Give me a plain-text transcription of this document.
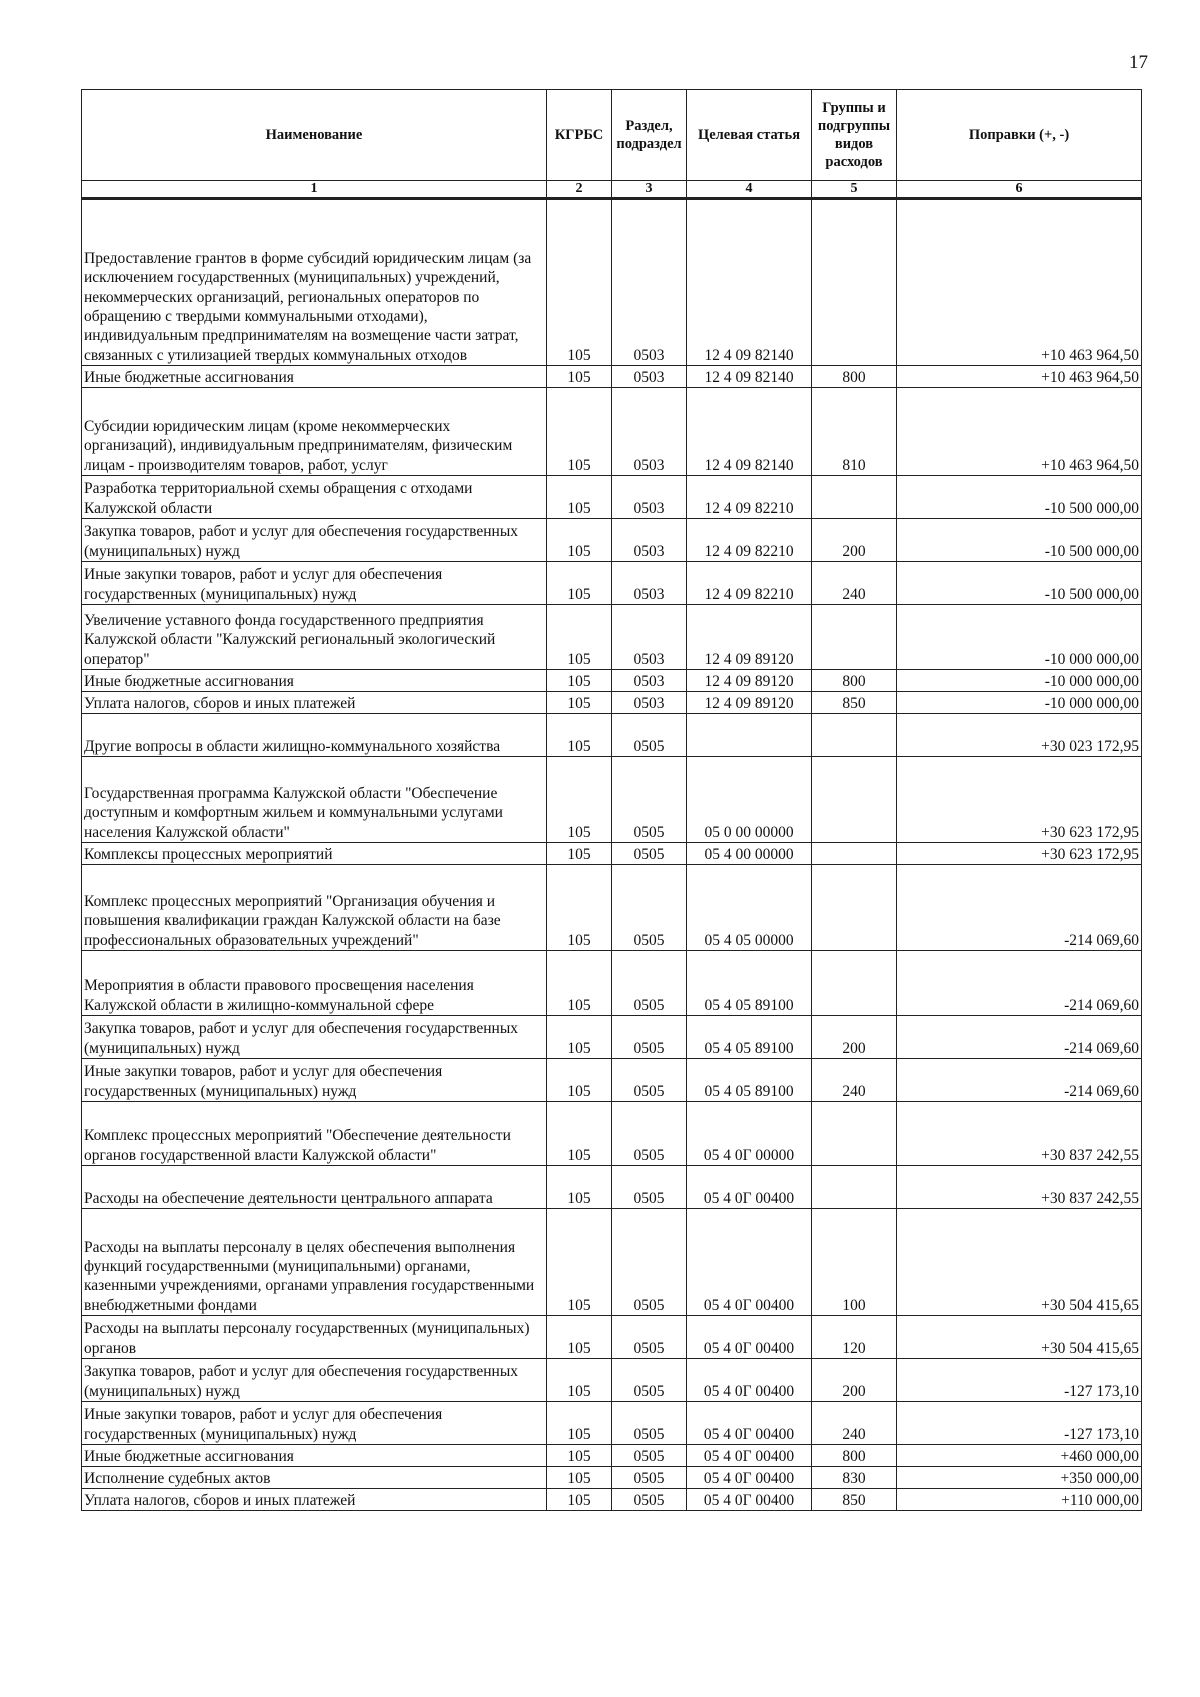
17
Наименование	КГРБС	Раздел, подраздел	Целевая статья	Группы и подгруппы видов расходов	Поправки (+, -)
1	2	3	4	5	6
Предоставление грантов в форме субсидий юридическим лицам (за исключением государственных (муниципальных) учреждений, некоммерческих организаций, региональных операторов по обращению с твердыми коммунальными отходами), индивидуальным предпринимателям на возмещение части затрат, связанных с утилизацией твердых коммунальных отходов	105	0503	12 4 09 82140		+10 463 964,50
Иные бюджетные ассигнования	105	0503	12 4 09 82140	800	+10 463 964,50
Субсидии юридическим лицам (кроме некоммерческих организаций), индивидуальным предпринимателям, физическим лицам - производителям товаров, работ, услуг	105	0503	12 4 09 82140	810	+10 463 964,50
Разработка территориальной схемы обращения с отходами Калужской области	105	0503	12 4 09 82210		-10 500 000,00
Закупка товаров, работ и услуг для обеспечения государственных (муниципальных) нужд	105	0503	12 4 09 82210	200	-10 500 000,00
Иные закупки товаров, работ и услуг для обеспечения государственных (муниципальных) нужд	105	0503	12 4 09 82210	240	-10 500 000,00
Увеличение уставного фонда государственного предприятия Калужской области "Калужский региональный экологический оператор"	105	0503	12 4 09 89120		-10 000 000,00
Иные бюджетные ассигнования	105	0503	12 4 09 89120	800	-10 000 000,00
Уплата налогов, сборов и иных платежей	105	0503	12 4 09 89120	850	-10 000 000,00
Другие вопросы в области жилищно-коммунального хозяйства	105	0505			+30 023 172,95
Государственная программа Калужской области "Обеспечение доступным и комфортным жильем и коммунальными услугами населения Калужской области"	105	0505	05 0 00 00000		+30 623 172,95
Комплексы процессных мероприятий	105	0505	05 4 00 00000		+30 623 172,95
Комплекс процессных мероприятий "Организация обучения и повышения квалификации граждан Калужской области на базе профессиональных образовательных учреждений"	105	0505	05 4 05 00000		-214 069,60
Мероприятия в области правового просвещения населения Калужской области в жилищно-коммунальной сфере	105	0505	05 4 05 89100		-214 069,60
Закупка товаров, работ и услуг для обеспечения государственных (муниципальных) нужд	105	0505	05 4 05 89100	200	-214 069,60
Иные закупки товаров, работ и услуг для обеспечения государственных (муниципальных) нужд	105	0505	05 4 05 89100	240	-214 069,60
Комплекс процессных мероприятий "Обеспечение деятельности органов государственной власти Калужской области"	105	0505	05 4 0Г 00000		+30 837 242,55
Расходы на обеспечение деятельности центрального аппарата	105	0505	05 4 0Г 00400		+30 837 242,55
Расходы на выплаты персоналу в целях обеспечения выполнения функций государственными (муниципальными) органами, казенными учреждениями, органами управления государственными внебюджетными фондами	105	0505	05 4 0Г 00400	100	+30 504 415,65
Расходы на выплаты персоналу государственных (муниципальных) органов	105	0505	05 4 0Г 00400	120	+30 504 415,65
Закупка товаров, работ и услуг для обеспечения государственных (муниципальных) нужд	105	0505	05 4 0Г 00400	200	-127 173,10
Иные закупки товаров, работ и услуг для обеспечения государственных (муниципальных) нужд	105	0505	05 4 0Г 00400	240	-127 173,10
Иные бюджетные ассигнования	105	0505	05 4 0Г 00400	800	+460 000,00
Исполнение судебных актов	105	0505	05 4 0Г 00400	830	+350 000,00
Уплата налогов, сборов и иных платежей	105	0505	05 4 0Г 00400	850	+110 000,00
